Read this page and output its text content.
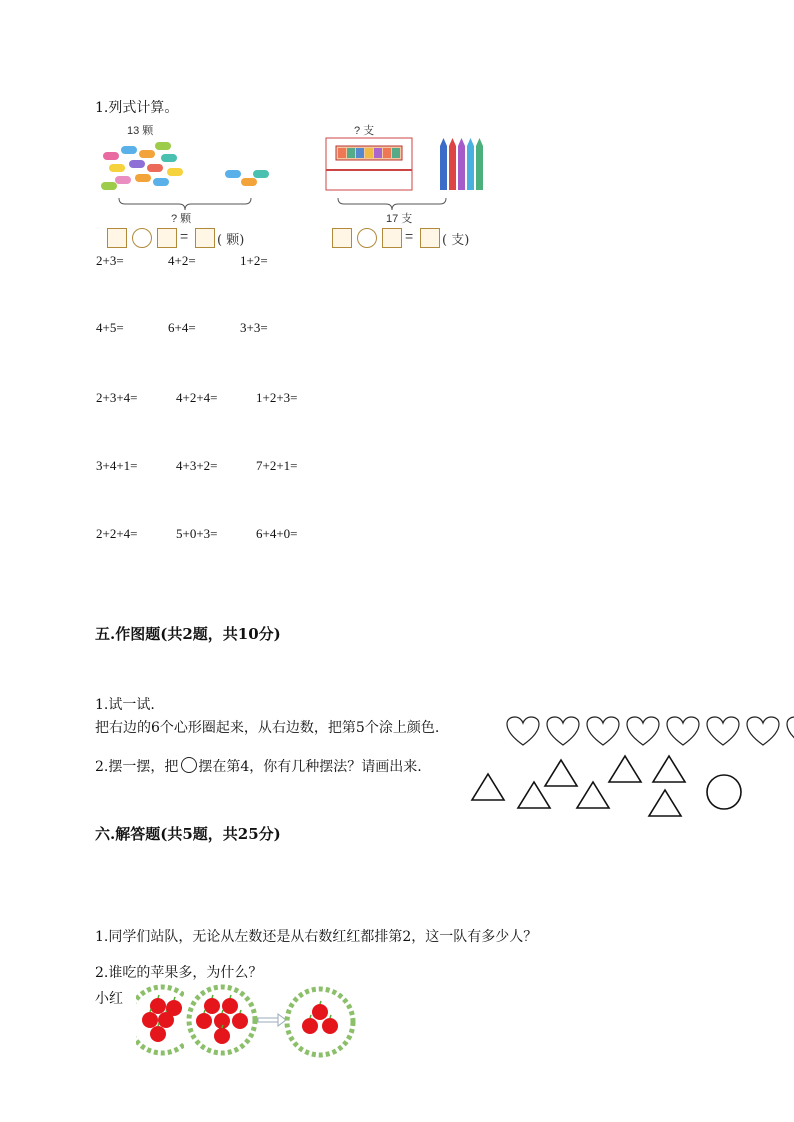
1.列式计算。
13 颗
? 颗
= ( 颗)
? 支
17 支
= ( 支)
2+3=	4+2=	1+2=
4+5=	6+4=	3+3=
2+3+4=	4+2+4=	1+2+3=
3+4+1=	4+3+2=	7+2+1=
2+2+4=	5+0+3=	6+4+0=
五.作图题(共2题，共10分)
1.试一试.
把右边的6个心形圈起来，从右边数，把第5个涂上颜色.
2.摆一摆，把 摆在第4，你有几种摆法？请画出来.
六.解答题(共5题，共25分)
1.同学们站队，无论从左数还是从右数红红都排第2，这一队有多少人？
2.谁吃的苹果多，为什么？
小红
